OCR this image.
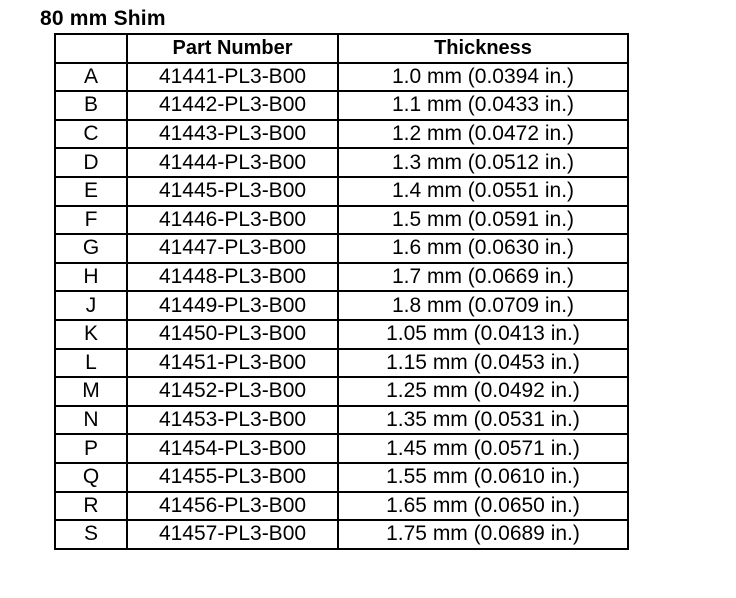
80 mm Shim
	Part Number	Thickness
A	41441-PL3-B00	1.0 mm (0.0394 in.)
B	41442-PL3-B00	1.1 mm (0.0433 in.)
C	41443-PL3-B00	1.2 mm (0.0472 in.)
D	41444-PL3-B00	1.3 mm (0.0512 in.)
E	41445-PL3-B00	1.4 mm (0.0551 in.)
F	41446-PL3-B00	1.5 mm (0.0591 in.)
G	41447-PL3-B00	1.6 mm (0.0630 in.)
H	41448-PL3-B00	1.7 mm (0.0669 in.)
J	41449-PL3-B00	1.8 mm (0.0709 in.)
K	41450-PL3-B00	1.05 mm (0.0413 in.)
L	41451-PL3-B00	1.15 mm (0.0453 in.)
M	41452-PL3-B00	1.25 mm (0.0492 in.)
N	41453-PL3-B00	1.35 mm (0.0531 in.)
P	41454-PL3-B00	1.45 mm (0.0571 in.)
Q	41455-PL3-B00	1.55 mm (0.0610 in.)
R	41456-PL3-B00	1.65 mm (0.0650 in.)
S	41457-PL3-B00	1.75 mm (0.0689 in.)
